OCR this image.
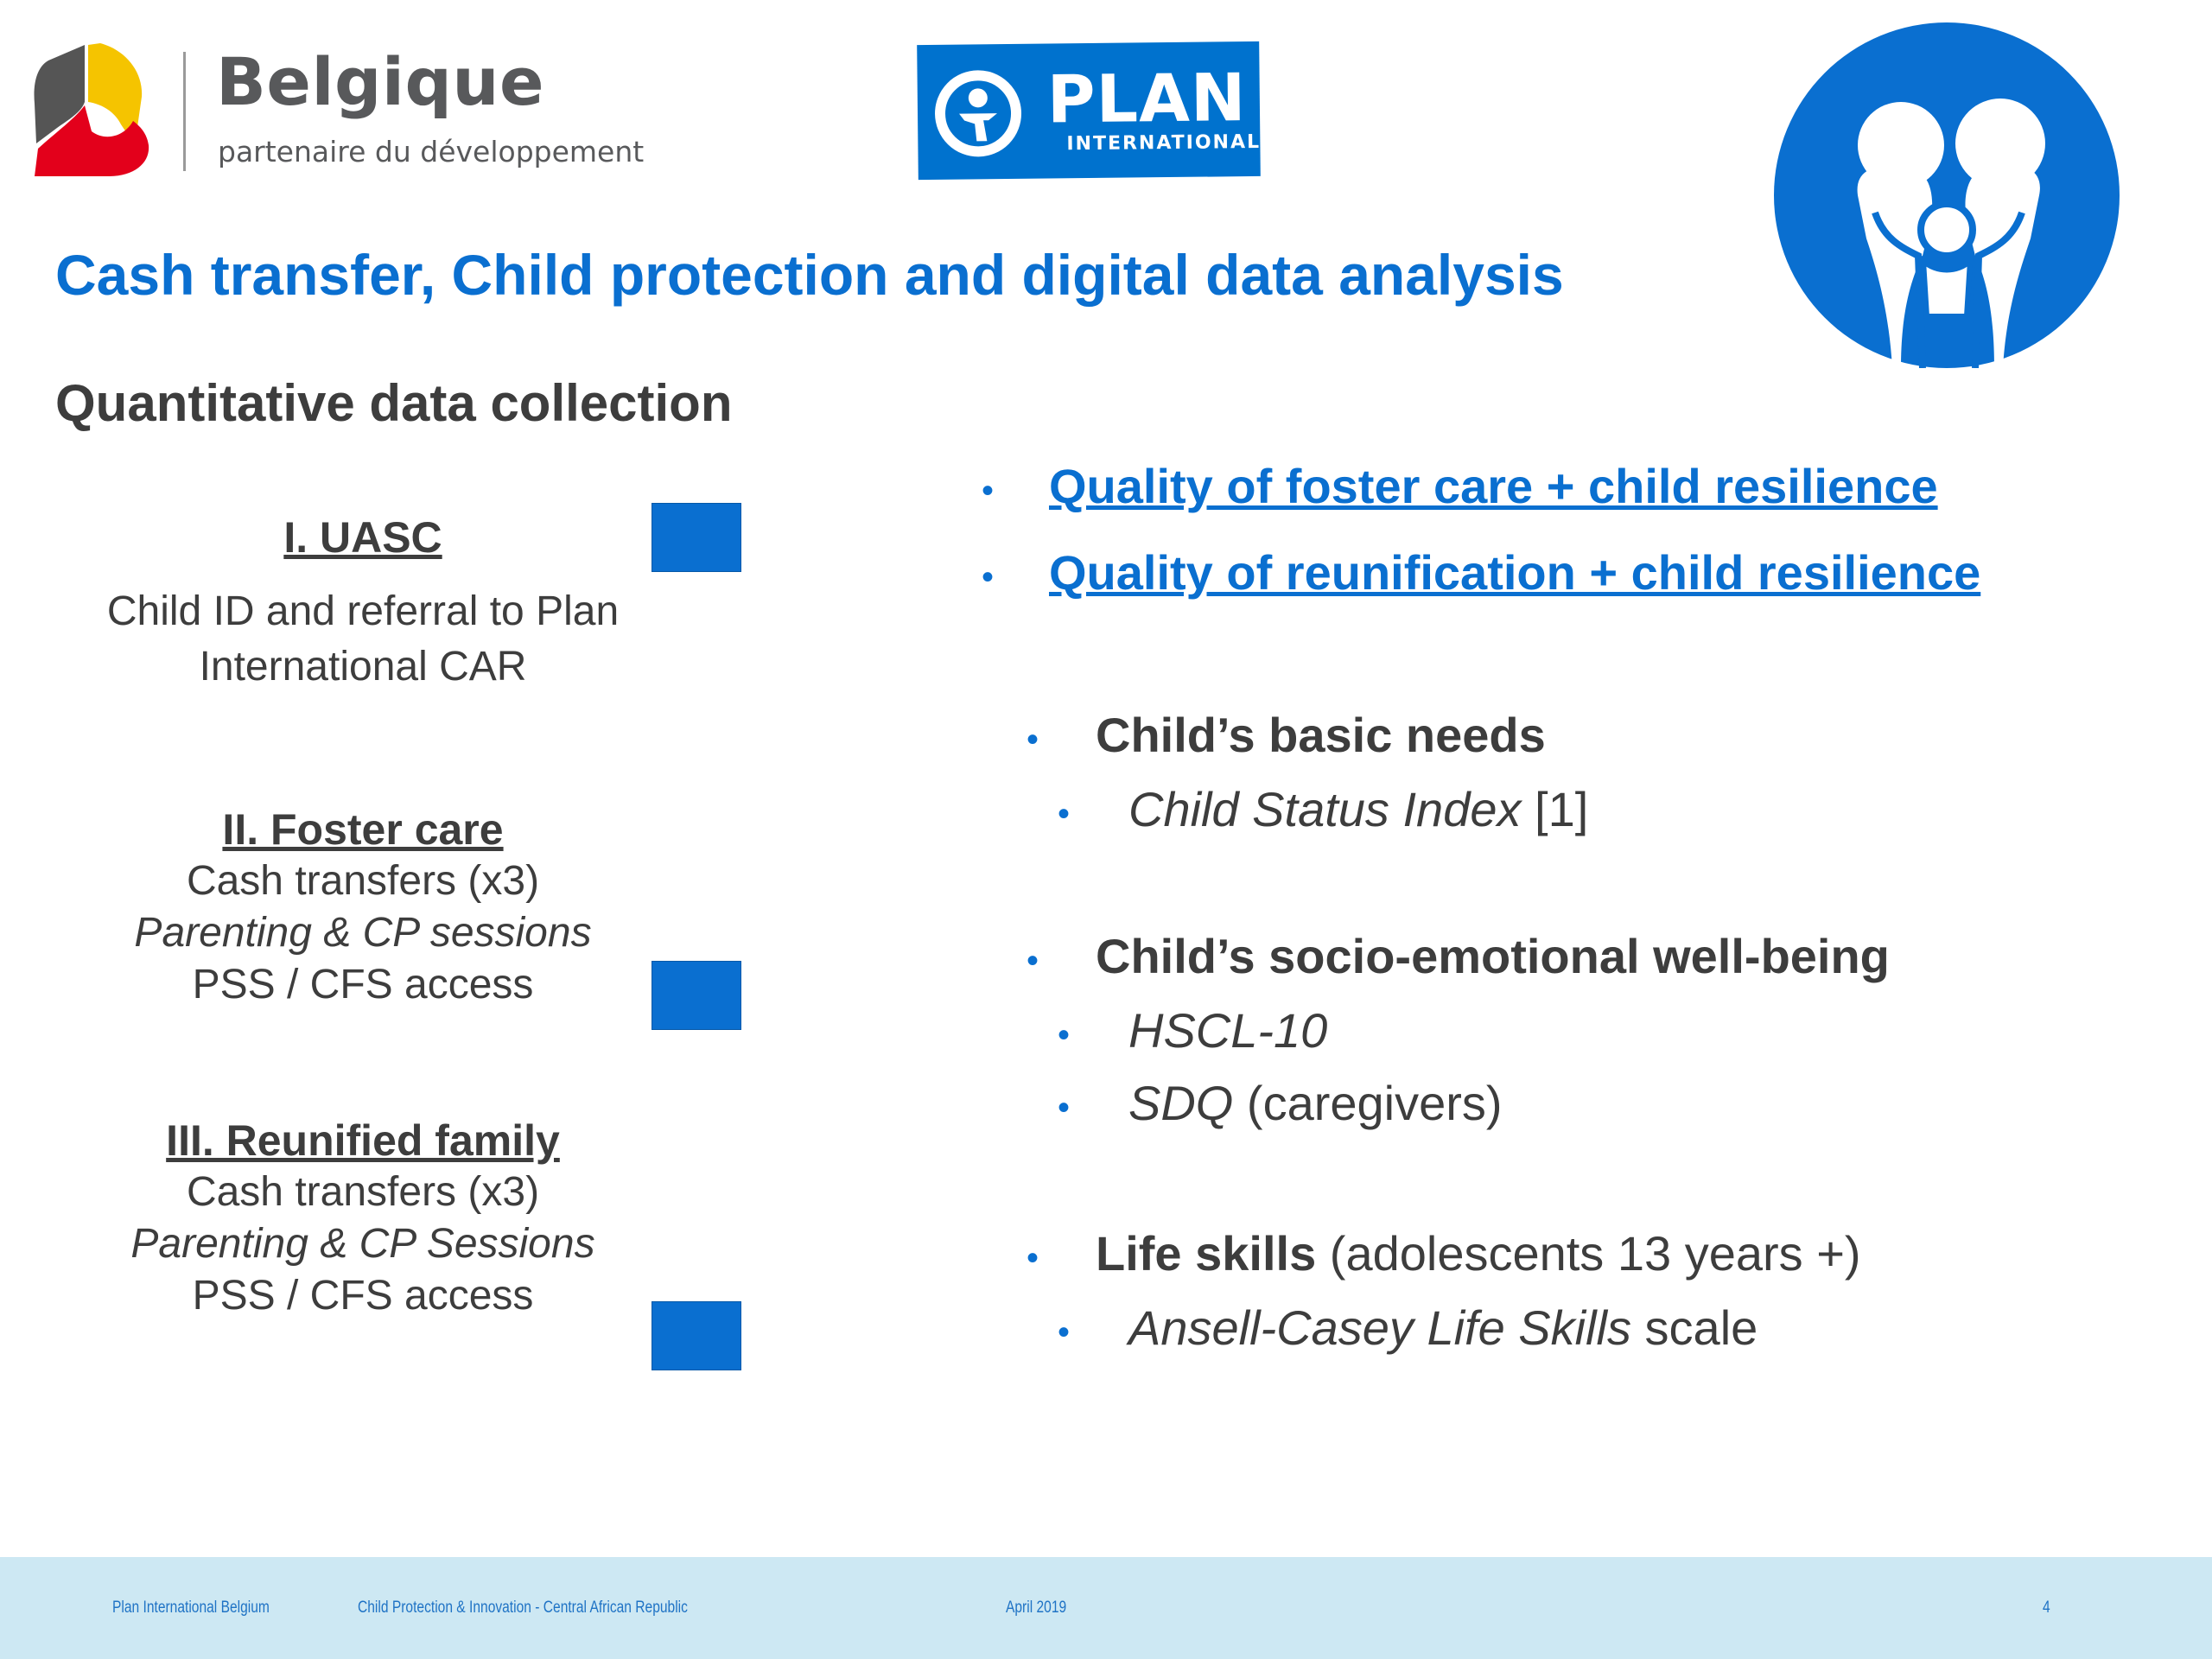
Belgique
partenaire du développement
PLAN
INTERNATIONAL
Cash transfer, Child protection and digital data analysis
Quantitative data collection
I. UASC
Child ID and referral to Plan
International CAR
II. Foster care
Cash transfers (x3)
Parenting & CP sessions
PSS / CFS access
III. Reunified family
Cash transfers (x3)
Parenting & CP Sessions
PSS / CFS access
• Quality of foster care + child resilience
• Quality of reunification + child resilience
• Child’s basic needs
• Child Status Index [1]
• Child’s socio-emotional well-being
• HSCL-10
• SDQ (caregivers)
• Life skills (adolescents 13 years +)
• Ansell-Casey Life Skills scale
Plan International Belgium	Child Protection & Innovation - Central African Republic	April 2019	4
